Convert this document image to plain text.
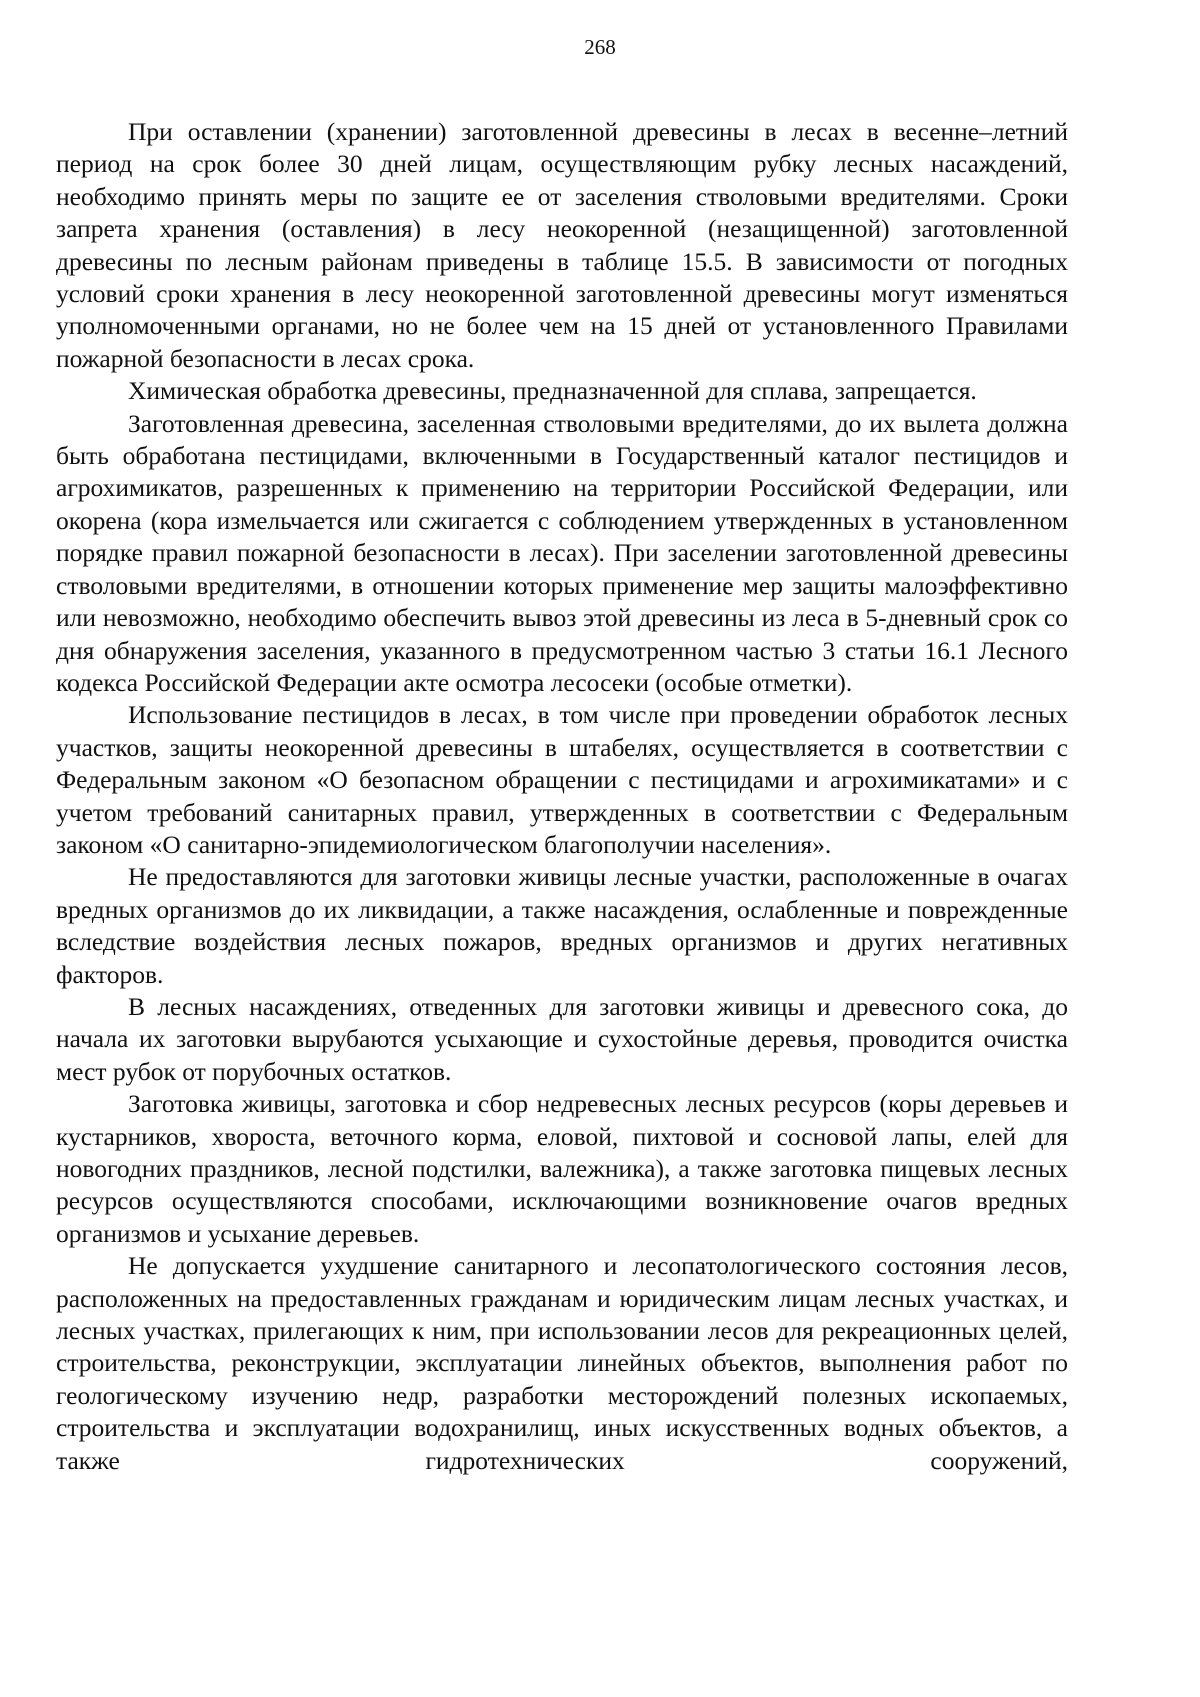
268

При оставлении (хранении) заготовленной древесины в лесах в весенне–летний период на срок более 30 дней лицам, осуществляющим рубку лесных насаждений, необходимо принять меры по защите ее от заселения стволовыми вредителями. Сроки запрета хранения (оставления) в лесу неокоренной (незащищенной) заготовленной древесины по лесным районам приведены в таблице 15.5. В зависимости от погодных условий сроки хранения в лесу неокоренной заготовленной древесины могут изменяться уполномоченными органами, но не более чем на 15 дней от установленного Правилами пожарной безопасности в лесах срока.

Химическая обработка древесины, предназначенной для сплава, запрещается.

Заготовленная древесина, заселенная стволовыми вредителями, до их вылета должна быть обработана пестицидами, включенными в Государственный каталог пестицидов и агрохимикатов, разрешенных к применению на территории Российской Федерации, или окорена (кора измельчается или сжигается с соблюдением утвержденных в установленном порядке правил пожарной безопасности в лесах). При заселении заготовленной древесины стволовыми вредителями, в отношении которых применение мер защиты малоэффективно или невозможно, необходимо обеспечить вывоз этой древесины из леса в 5-дневный срок со дня обнаружения заселения, указанного в предусмотренном частью 3 статьи 16.1 Лесного кодекса Российской Федерации акте осмотра лесосеки (особые отметки).

Использование пестицидов в лесах, в том числе при проведении обработок лесных участков, защиты неокоренной древесины в штабелях, осуществляется в соответствии с Федеральным законом «О безопасном обращении с пестицидами и агрохимикатами» и с учетом требований санитарных правил, утвержденных в соответствии с Федеральным законом «О санитарно-эпидемиологическом благополучии населения».

Не предоставляются для заготовки живицы лесные участки, расположенные в очагах вредных организмов до их ликвидации, а также насаждения, ослабленные и поврежденные вследствие воздействия лесных пожаров, вредных организмов и других негативных факторов.

В лесных насаждениях, отведенных для заготовки живицы и древесного сока, до начала их заготовки вырубаются усыхающие и сухостойные деревья, проводится очистка мест рубок от порубочных остатков.

Заготовка живицы, заготовка и сбор недревесных лесных ресурсов (коры деревьев и кустарников, хвороста, веточного корма, еловой, пихтовой и сосновой лапы, елей для новогодних праздников, лесной подстилки, валежника), а также заготовка пищевых лесных ресурсов осуществляются способами, исключающими возникновение очагов вредных организмов и усыхание деревьев.

Не допускается ухудшение санитарного и лесопатологического состояния лесов, расположенных на предоставленных гражданам и юридическим лицам лесных участках, и лесных участках, прилегающих к ним, при использовании лесов для рекреационных целей, строительства, реконструкции, эксплуатации линейных объектов, выполнения работ по геологическому изучению недр, разработки месторождений полезных ископаемых, строительства и эксплуатации водохранилищ, иных искусственных водных объектов, а также гидротехнических сооружений,
